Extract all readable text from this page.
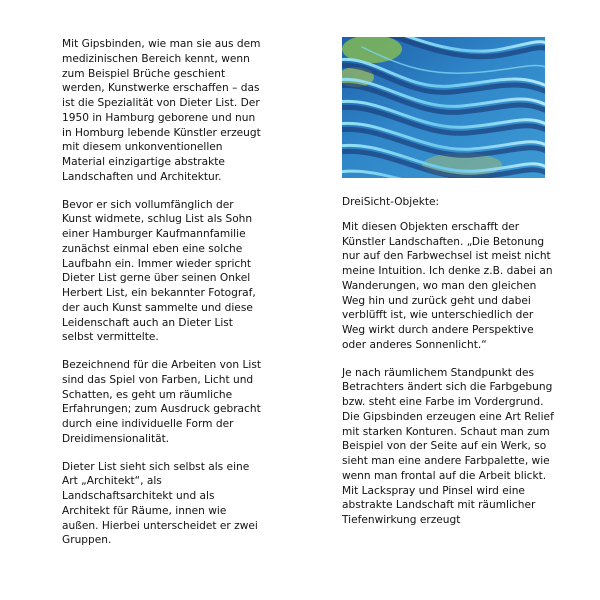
Mit Gipsbinden, wie man sie aus dem medizinischen Bereich kennt, wenn zum Beispiel Brüche geschient werden, Kunstwerke erschaffen – das ist die Spezialität von Dieter List. Der 1950 in Hamburg geborene und nun in Homburg lebende Künstler erzeugt mit diesem unkonventionellen Material einzigartige abstrakte Landschaften und Architektur.

Bevor er sich vollumfänglich der Kunst widmete, schlug List als Sohn einer Hamburger Kaufmannfamilie zunächst einmal eben eine solche Laufbahn ein. Immer wieder spricht Dieter List gerne über seinen Onkel Herbert List, ein bekannter Fotograf, der auch Kunst sammelte und diese Leidenschaft auch an Dieter List selbst vermittelte.

Bezeichnend für die Arbeiten von List sind das Spiel von Farben, Licht und Schatten, es geht um räumliche Erfahrungen; zum Ausdruck gebracht durch eine individuelle Form der Dreidimensionalität.

Dieter List sieht sich selbst als eine Art „Architekt“, als Landschaftsarchitekt und als Architekt für Räume, innen wie außen. Hierbei unterscheidet er zwei Gruppen.

DreiSicht-Objekte:

Mit diesen Objekten erschafft der Künstler Landschaften. „Die Betonung nur auf den Farbwechsel ist meist nicht meine Intuition. Ich denke z.B. dabei an Wanderungen, wo man den gleichen Weg hin und zurück geht und dabei verblüfft ist, wie unterschiedlich der Weg wirkt durch andere Perspektive oder anderes Sonnenlicht.“

Je nach räumlichem Standpunkt des Betrachters ändert sich die Farbgebung bzw. steht eine Farbe im Vordergrund. Die Gipsbinden erzeugen eine Art Relief mit starken Konturen. Schaut man zum Beispiel von der Seite auf ein Werk, so sieht man eine andere Farbpalette, wie wenn man frontal auf die Arbeit blickt. Mit Lackspray und Pinsel wird eine abstrakte Landschaft mit räumlicher Tiefenwirkung erzeugt
